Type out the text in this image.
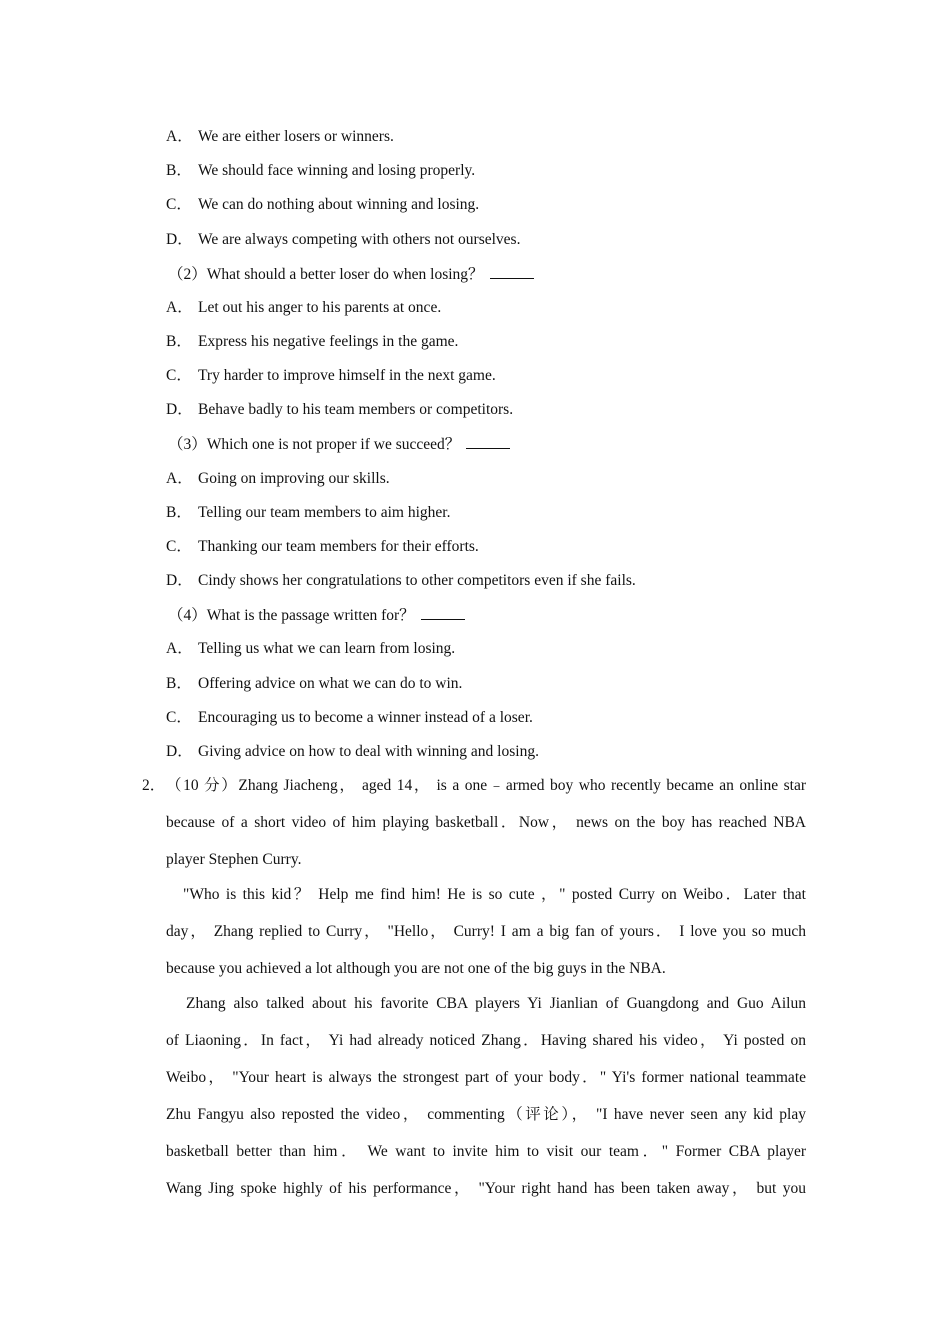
A． We are either losers or winners.
B． We should face winning and losing properly.
C． We can do nothing about winning and losing.
D． We are always competing with others not ourselves.
（2）What should a better loser do when losing？
A． Let out his anger to his parents at once.
B． Express his negative feelings in the game.
C． Try harder to improve himself in the next game.
D． Behave badly to his team members or competitors.
（3）Which one is not proper if we succeed？
A． Going on improving our skills.
B． Telling our team members to aim higher.
C． Thanking our team members for their efforts.
D． Cindy shows her congratulations to other competitors even if she fails.
（4）What is the passage written for？
A． Telling us what we can learn from losing.
B． Offering advice on what we can do to win.
C． Encouraging us to become a winner instead of a loser.
D． Giving advice on how to deal with winning and losing.
2． （10 分）Zhang Jiacheng， aged 14， is a one﹣armed boy who recently became an online star
because of a short video of him playing basketball．Now， news on the boy has reached NBA
player Stephen Curry.
"Who is this kid？ Help me find him! He is so cute ，" posted Curry on Weibo．Later that
day， Zhang replied to Curry， "Hello， Curry! I am a big fan of yours． I love you so much
because you achieved a lot although you are not one of the big guys in the NBA.
Zhang also talked about his favorite CBA players Yi Jianlian of Guangdong and Guo Ailun
of Liaoning．In fact， Yi had already noticed Zhang．Having shared his video， Yi posted on
Weibo， "Your heart is always the strongest part of your body．" Yi's former national teammate
Zhu Fangyu also reposted the video， commenting（评论）， "I have never seen any kid play
basketball better than him． We want to invite him to visit our team．" Former CBA player
Wang Jing spoke highly of his performance， "Your right hand has been taken away， but you
